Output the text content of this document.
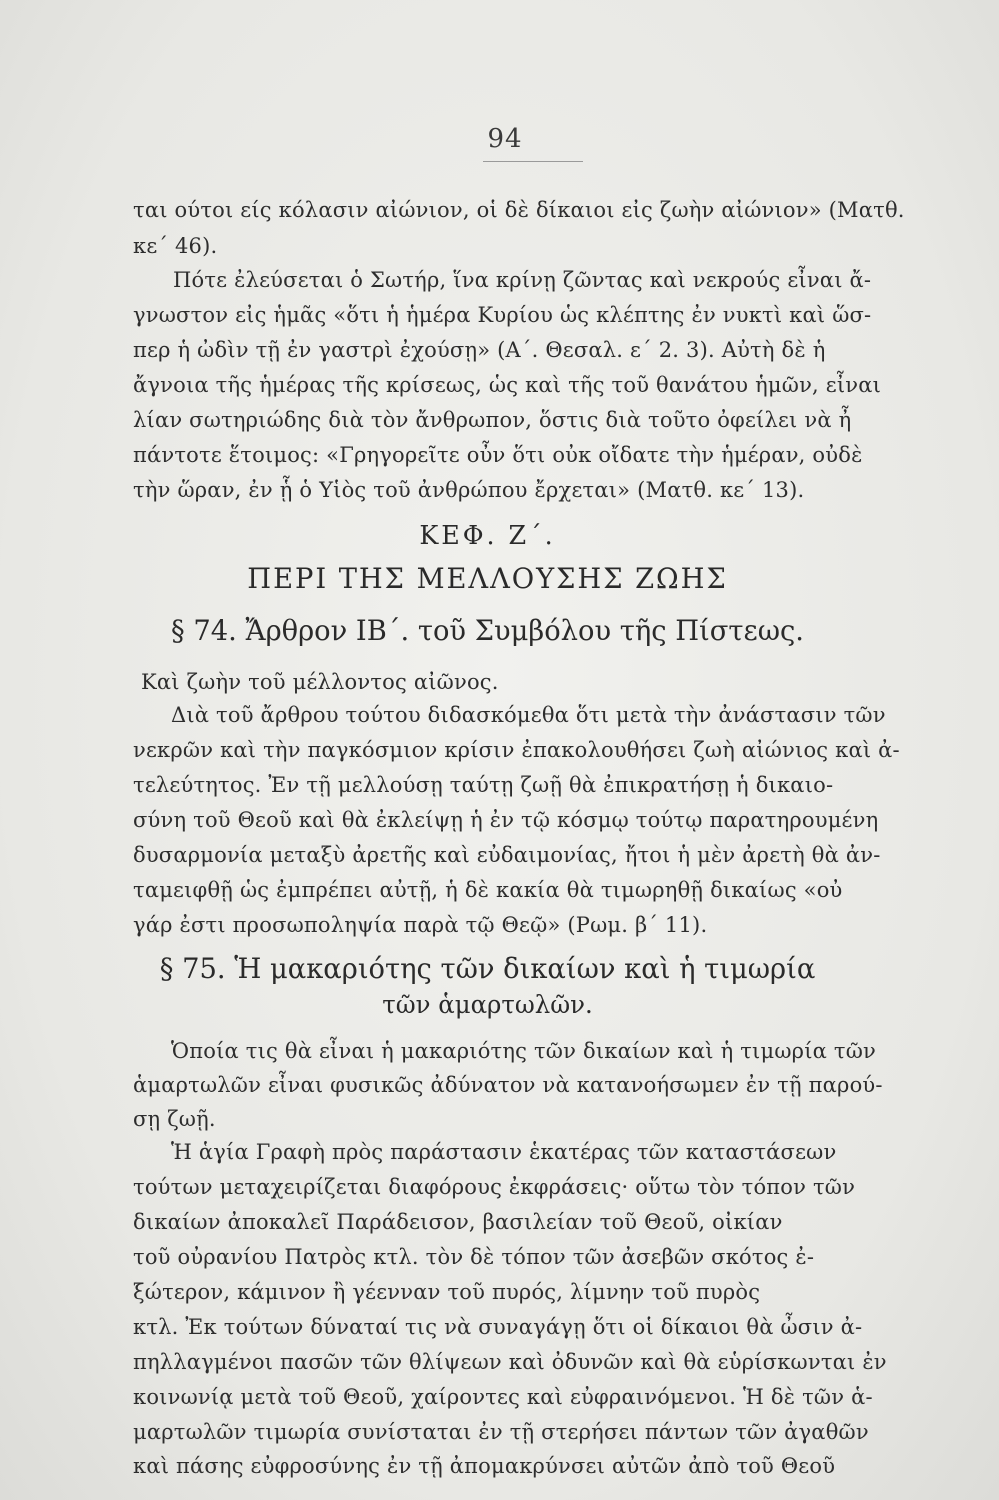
94
ται ούτοι είς κόλασιν αἰώνιον, οἱ δὲ δίκαιοι εἰς ζωὴν αἰώνιον» (Ματθ.
κε΄ 46).
Πότε ἐλεύσεται ὁ Σωτήρ, ἵνα κρίνῃ ζῶντας καὶ νεκρούς εἶναι ἄ-
γνωστον εἰς ἡμᾶς «ὅτι ἡ ἡμέρα Κυρίου ὡς κλέπτης ἐν νυκτὶ καὶ ὥσ-
περ ἡ ὠδὶν τῇ ἐν γαστρὶ ἐχούσῃ» (Α΄. Θεσαλ. ε΄ 2. 3). Αὐτὴ δὲ ἡ
ἄγνοια τῆς ἡμέρας τῆς κρίσεως, ὡς καὶ τῆς τοῦ θανάτου ἡμῶν, εἶναι
λίαν σωτηριώδης διὰ τὸν ἄνθρωπον, ὅστις διὰ τοῦτο ὀφείλει νὰ ἦ
πάντοτε ἕτοιμος: «Γρηγορεῖτε οὖν ὅτι οὐκ οἴδατε τὴν ἡμέραν, οὐδὲ
τὴν ὥραν, ἐν ᾗ ὁ Υἱὸς τοῦ ἀνθρώπου ἔρχεται» (Ματθ. κε΄ 13).
ΚΕΦ. Ζ΄.
ΠΕΡΙ ΤΗΣ ΜΕΛΛΟΥΣΗΣ ΖΩΗΣ
§ 74. Ἄρθρον ΙΒ΄. τοῦ Συμβόλου τῆς Πίστεως.
Καὶ ζωὴν τοῦ μέλλοντος αἰῶνος.
Διὰ τοῦ ἄρθρου τούτου διδασκόμεθα ὅτι μετὰ τὴν ἀνάστασιν τῶν
νεκρῶν καὶ τὴν παγκόσμιον κρίσιν ἐπακολουθήσει ζωὴ αἰώνιος καὶ ἀ-
τελεύτητος. Ἐν τῇ μελλούσῃ ταύτῃ ζωῇ θὰ ἐπικρατήσῃ ἡ δικαιο-
σύνη τοῦ Θεοῦ καὶ θὰ ἐκλείψῃ ἡ ἐν τῷ κόσμῳ τούτῳ παρατηρουμένη
δυσαρμονία μεταξὺ ἀρετῆς καὶ εὐδαιμονίας, ἤτοι ἡ μὲν ἀρετὴ θὰ ἀν-
ταμειφθῇ ὡς ἐμπρέπει αὐτῇ, ἡ δὲ κακία θὰ τιμωρηθῇ δικαίως «οὐ
γάρ ἐστι προσωποληψία παρὰ τῷ Θεῷ» (Ρωμ. β΄ 11).
§ 75. Ἡ μακαριότης τῶν δικαίων καὶ ἡ τιμωρία
τῶν ἁμαρτωλῶν.
Ὁποία τις θὰ εἶναι ἡ μακαριότης τῶν δικαίων καὶ ἡ τιμωρία τῶν
ἁμαρτωλῶν εἶναι φυσικῶς ἀδύνατον νὰ κατανοήσωμεν ἐν τῇ παρού-
σῃ ζωῇ.
Ἡ ἁγία Γραφὴ πρὸς παράστασιν ἑκατέρας τῶν καταστάσεων
τούτων μεταχειρίζεται διαφόρους ἐκφράσεις· οὕτω τὸν τόπον τῶν
δικαίων ἀποκαλεῖ Παράδεισον, βασιλείαν τοῦ Θεοῦ, οἰκίαν
τοῦ οὐρανίου Πατρὸς κτλ. τὸν δὲ τόπον τῶν ἀσεβῶν σκότος ἐ-
ξώτερον, κάμινον ἢ γέενναν τοῦ πυρός, λίμνην τοῦ πυρὸς
κτλ. Ἐκ τούτων δύναταί τις νὰ συναγάγῃ ὅτι οἱ δίκαιοι θὰ ὦσιν ἀ-
πηλλαγμένοι πασῶν τῶν θλίψεων καὶ ὀδυνῶν καὶ θὰ εὑρίσκωνται ἐν
κοινωνίᾳ μετὰ τοῦ Θεοῦ, χαίροντες καὶ εὐφραινόμενοι. Ἡ δὲ τῶν ἁ-
μαρτωλῶν τιμωρία συνίσταται ἐν τῇ στερήσει πάντων τῶν ἀγαθῶν
καὶ πάσης εὐφροσύνης ἐν τῇ ἀπομακρύνσει αὐτῶν ἀπὸ τοῦ Θεοῦ
